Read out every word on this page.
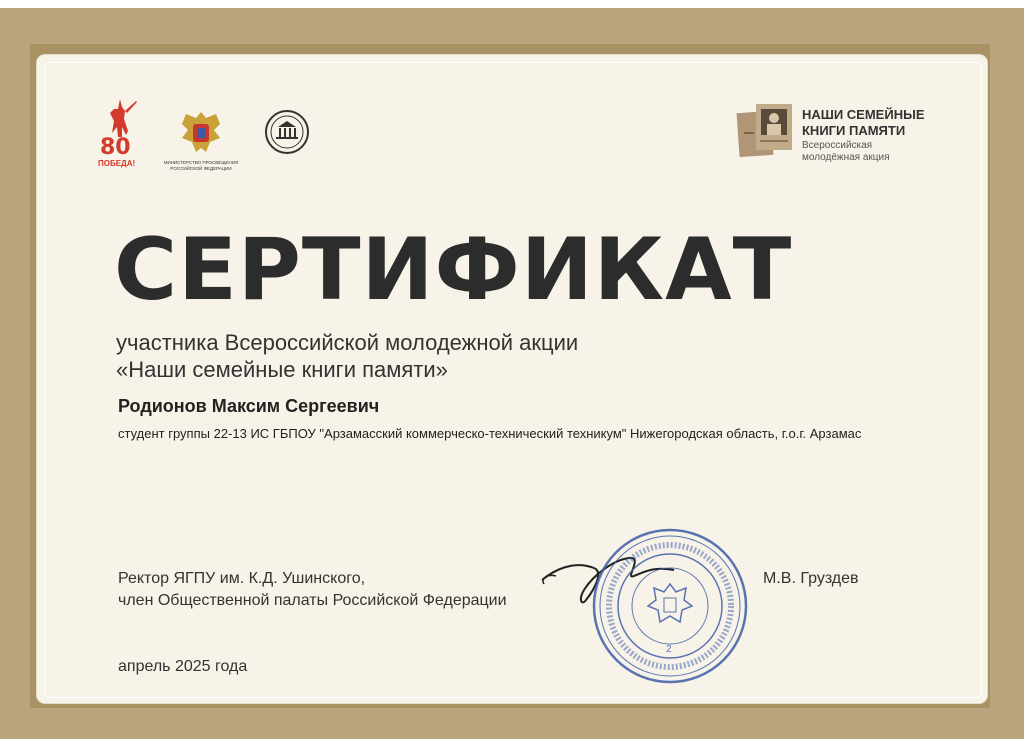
80
ПОБЕДА!	МИНИСТЕРСТВО ПРОСВЕЩЕНИЯ РОССИЙСКОЙ ФЕДЕРАЦИИ
НАШИ СЕМЕЙНЫЕ
КНИГИ ПАМЯТИ
Всероссийская
молодёжная акция
СЕРТИФИКАТ
участника Всероссийской молодежной акции
«Наши семейные книги памяти»
Родионов Максим Сергеевич
студент группы 22-13 ИС ГБПОУ "Арзамасский коммерческо-технический техникум" Нижегородская область, г.о.г. Арзамас
Ректор ЯГПУ им. К.Д. Ушинского,
член Общественной палаты Российской Федерации
2
М.В. Груздев
апрель 2025 года
